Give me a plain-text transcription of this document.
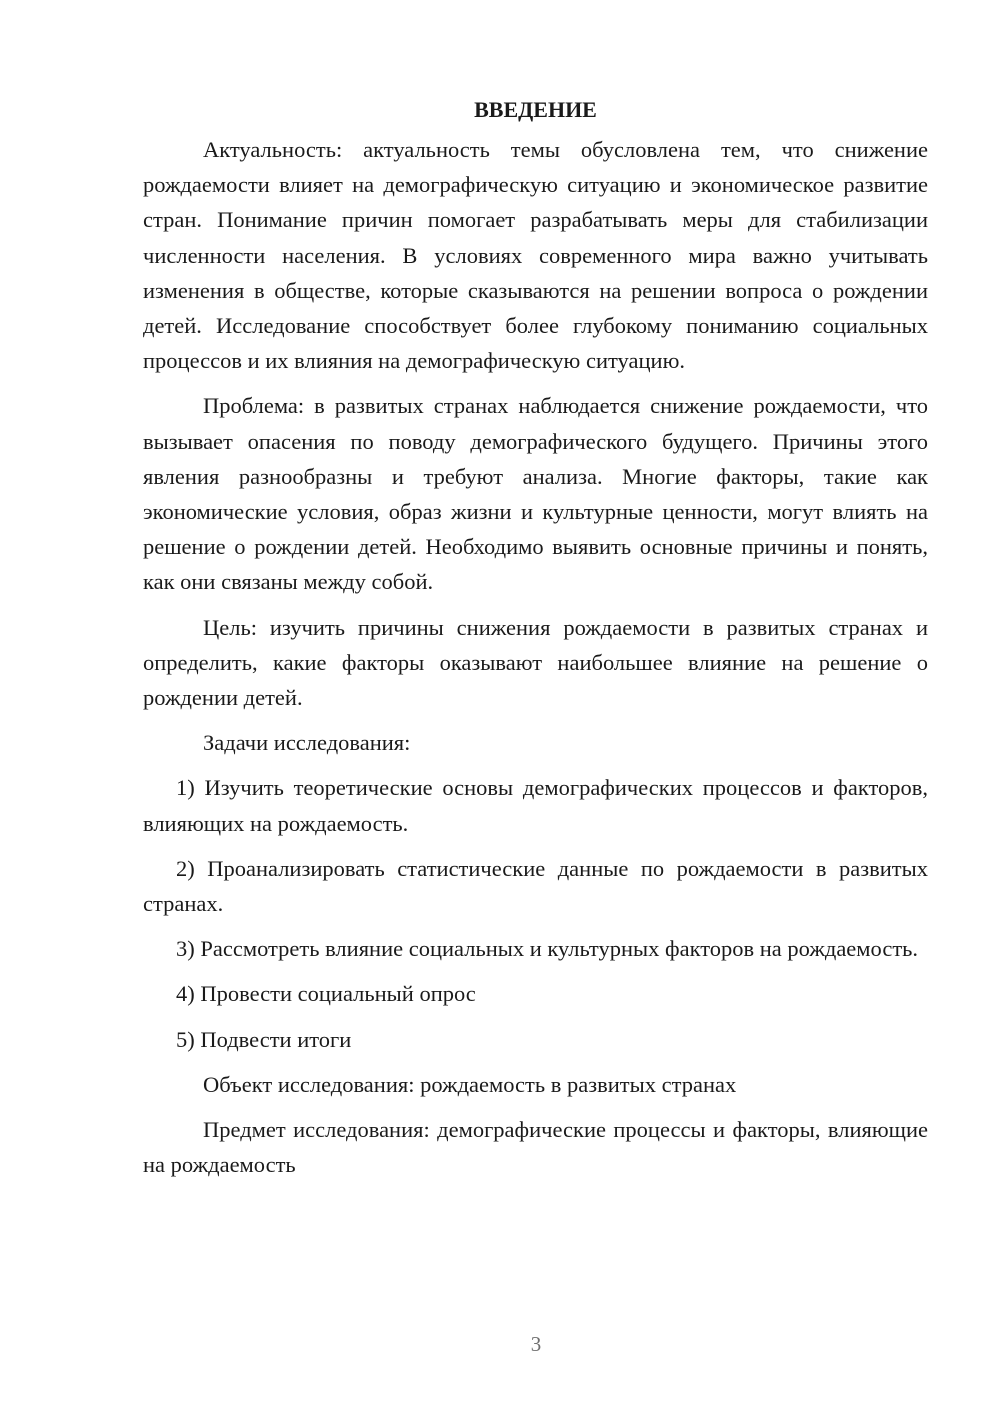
ВВЕДЕНИЕ

Актуальность: актуальность темы обусловлена тем, что снижение рождаемости влияет на демографическую ситуацию и экономическое развитие стран. Понимание причин помогает разрабатывать меры для стабилизации численности населения. В условиях современного мира важно учитывать изменения в обществе, которые сказываются на решении вопроса о рождении детей. Исследование способствует более глубокому пониманию социальных процессов и их влияния на демографическую ситуацию.

Проблема: в развитых странах наблюдается снижение рождаемости, что вызывает опасения по поводу демографического будущего. Причины этого явления разнообразны и требуют анализа. Многие факторы, такие как экономические условия, образ жизни и культурные ценности, могут влиять на решение о рождении детей. Необходимо выявить основные причины и понять, как они связаны между собой.

Цель: изучить причины снижения рождаемости в развитых странах и определить, какие факторы оказывают наибольшее влияние на решение о рождении детей.

Задачи исследования:

1) Изучить теоретические основы демографических процессов и факторов, влияющих на рождаемость.

2) Проанализировать статистические данные по рождаемости в развитых странах.

3) Рассмотреть влияние социальных и культурных факторов на рождаемость.

4) Провести социальный опрос

5) Подвести итоги

Объект исследования: рождаемость в развитых странах

Предмет исследования: демографические процессы и факторы, влияющие на рождаемость

3
